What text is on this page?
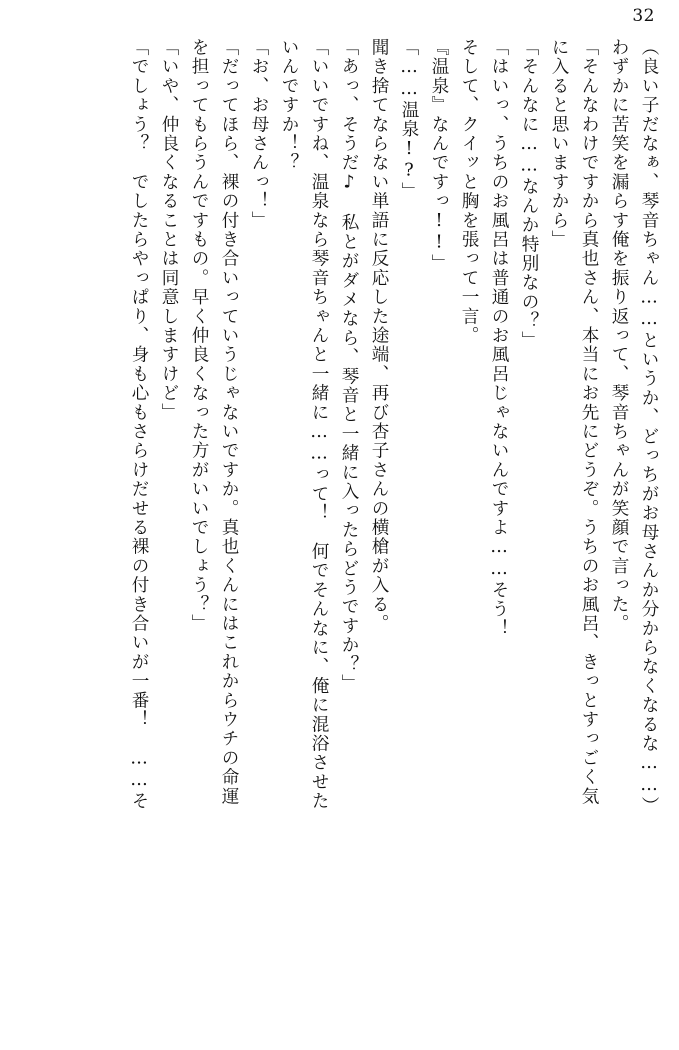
32
（良い子だなぁ、琴音ちゃん……というか、どっちがお母さんか分からなくなるな……）
わずかに苦笑を漏らす俺を振り返って、琴音ちゃんが笑顔で言った。
「そんなわけですから真也さん、本当にお先にどうぞ。うちのお風呂、きっとすっごく気
に入ると思いますから」
「そんなに……なんか特別なの？」
「はいっ、うちのお風呂は普通のお風呂じゃないんですよ……そう！
そして、クイッと胸を張って一言。
『温泉』なんですっ!!」
「……温泉!?」
聞き捨てならない単語に反応した途端、再び杏子さんの横槍が入る。
「あっ、そうだ♪　私とがダメなら、琴音と一緒に入ったらどうですか？」
「いいですね、温泉なら琴音ちゃんと一緒に……って！　何でそんなに、俺に混浴させた
いんですか！？
「お、お母さんっ！」
「だってほら、裸の付き合いっていうじゃないですか。真也くんにはこれからウチの命運
を担ってもらうんですもの。早く仲良くなった方がいいでしょう？」
「いや、仲良くなることは同意しますけど」
「でしょう？　でしたらやっぱり、身も心もさらけだせる裸の付き合いが一番！　……そ
